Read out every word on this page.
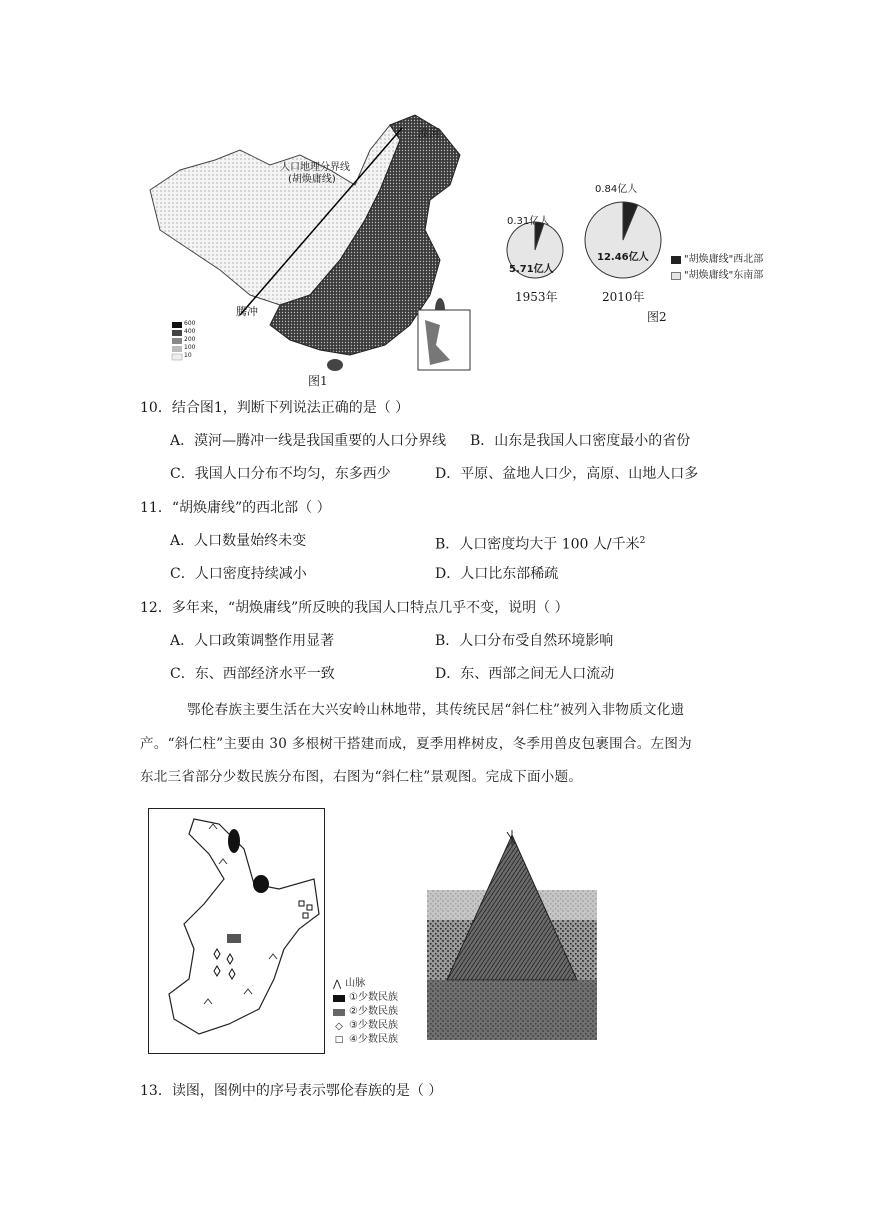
人口地理分界线
(胡焕庸线)
漠河
腾冲
600
400
200
100
10
图1
0.31亿人
5.71亿人
1953年
0.84亿人
12.46亿人
2010年
"胡焕庸线"西北部
"胡焕庸线"东南部
图2
10．结合图1，判断下列说法正确的是（ ）
A．漠河—腾冲一线是我国重要的人口分界线 B．山东是我国人口密度最小的省份
C．我国人口分布不均匀，东多西少	D．平原、盆地人口少，高原、山地人口多
11．“胡焕庸线”的西北部（ ）
A．人口数量始终未变	B．人口密度均大于 100 人/千米$^2$
C．人口密度持续减小	D．人口比东部稀疏
12．多年来，“胡焕庸线”所反映的我国人口特点几乎不变，说明（ ）
A．人口政策调整作用显著	B．人口分布受自然环境影响
C．东、西部经济水平一致	D．东、西部之间无人口流动
鄂伦春族主要生活在大兴安岭山林地带，其传统民居“斜仁柱”被列入非物质文化遗
产。“斜仁柱”主要由 30 多根树干搭建而成，夏季用桦树皮，冬季用兽皮包裹围合。左图为
东北三省部分少数民族分布图，右图为“斜仁柱”景观图。完成下面小题。
⋀ 山脉
①少数民族
②少数民族
◇ ③少数民族
□ ④少数民族
13．读图，图例中的序号表示鄂伦春族的是（ ）
